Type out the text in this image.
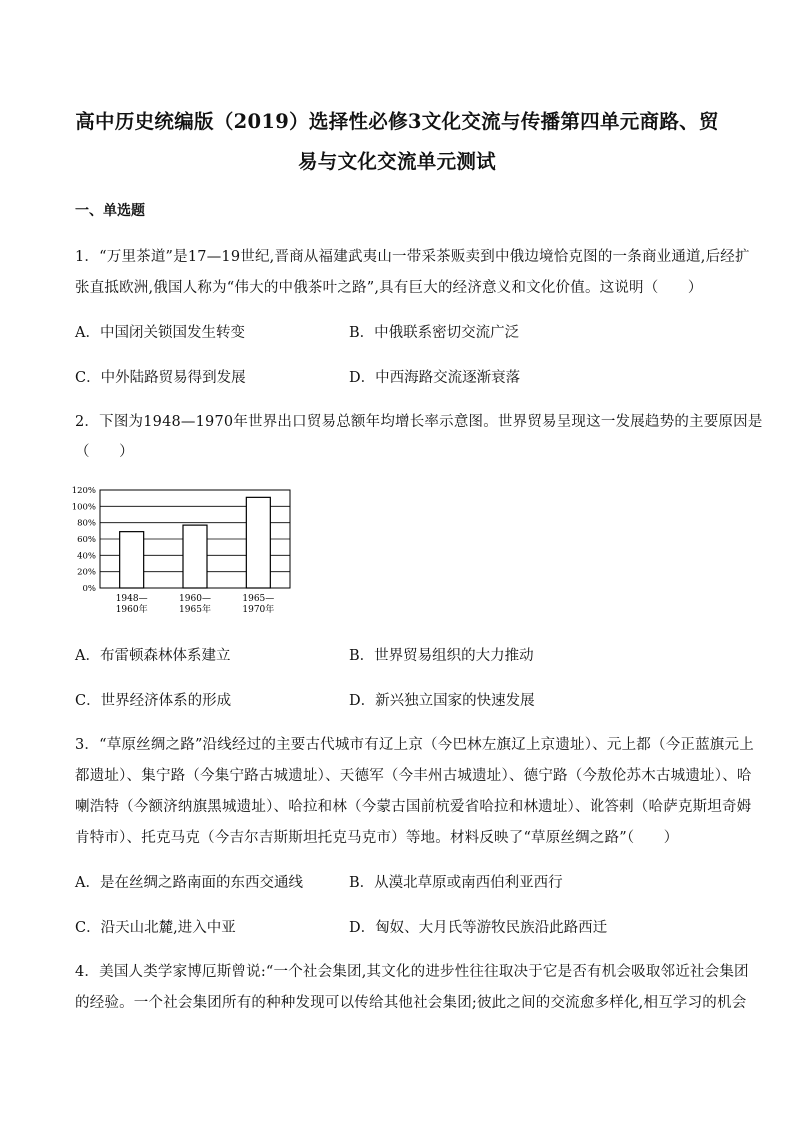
高中历史统编版（2019）选择性必修3文化交流与传播第四单元商路、贸
易与文化交流单元测试
一、单选题
1．“万里茶道”是17—19世纪,晋商从福建武夷山一带采茶贩卖到中俄边境恰克图的一条商业通道,后经扩
张直抵欧洲,俄国人称为“伟大的中俄茶叶之路”,具有巨大的经济意义和文化价值。这说明（　　）
A．中国闭关锁国发生转变	B．中俄联系密切交流广泛
C．中外陆路贸易得到发展	D．中西海路交流逐渐衰落
2．下图为1948—1970年世界出口贸易总额年均增长率示意图。世界贸易呈现这一发展趋势的主要原因是
（　　）
120%
100%
80%
60%
40%
20%
0%
1948—
1960年
1960—
1965年
1965—
1970年
A．布雷顿森林体系建立	B．世界贸易组织的大力推动
C．世界经济体系的形成	D．新兴独立国家的快速发展
3．“草原丝绸之路”沿线经过的主要古代城市有辽上京（今巴林左旗辽上京遗址）、元上都（今正蓝旗元上
都遗址）、集宁路（今集宁路古城遗址）、天德军（今丰州古城遗址）、德宁路（今敖伦苏木古城遗址）、哈
喇浩特（今额济纳旗黑城遗址）、哈拉和林（今蒙古国前杭爱省哈拉和林遗址）、讹答剌（哈萨克斯坦奇姆
肯特市）、托克马克（今吉尔吉斯斯坦托克马克市）等地。材料反映了“草原丝绸之路”（　　）
A．是在丝绸之路南面的东西交通线	B．从漠北草原或南西伯利亚西行
C．沿天山北麓,进入中亚	D．匈奴、大月氏等游牧民族沿此路西迁
4．美国人类学家博厄斯曾说:“一个社会集团,其文化的进步性往往取决于它是否有机会吸取邻近社会集团
的经验。一个社会集团所有的种种发现可以传给其他社会集团;彼此之间的交流愈多样化,相互学习的机会
